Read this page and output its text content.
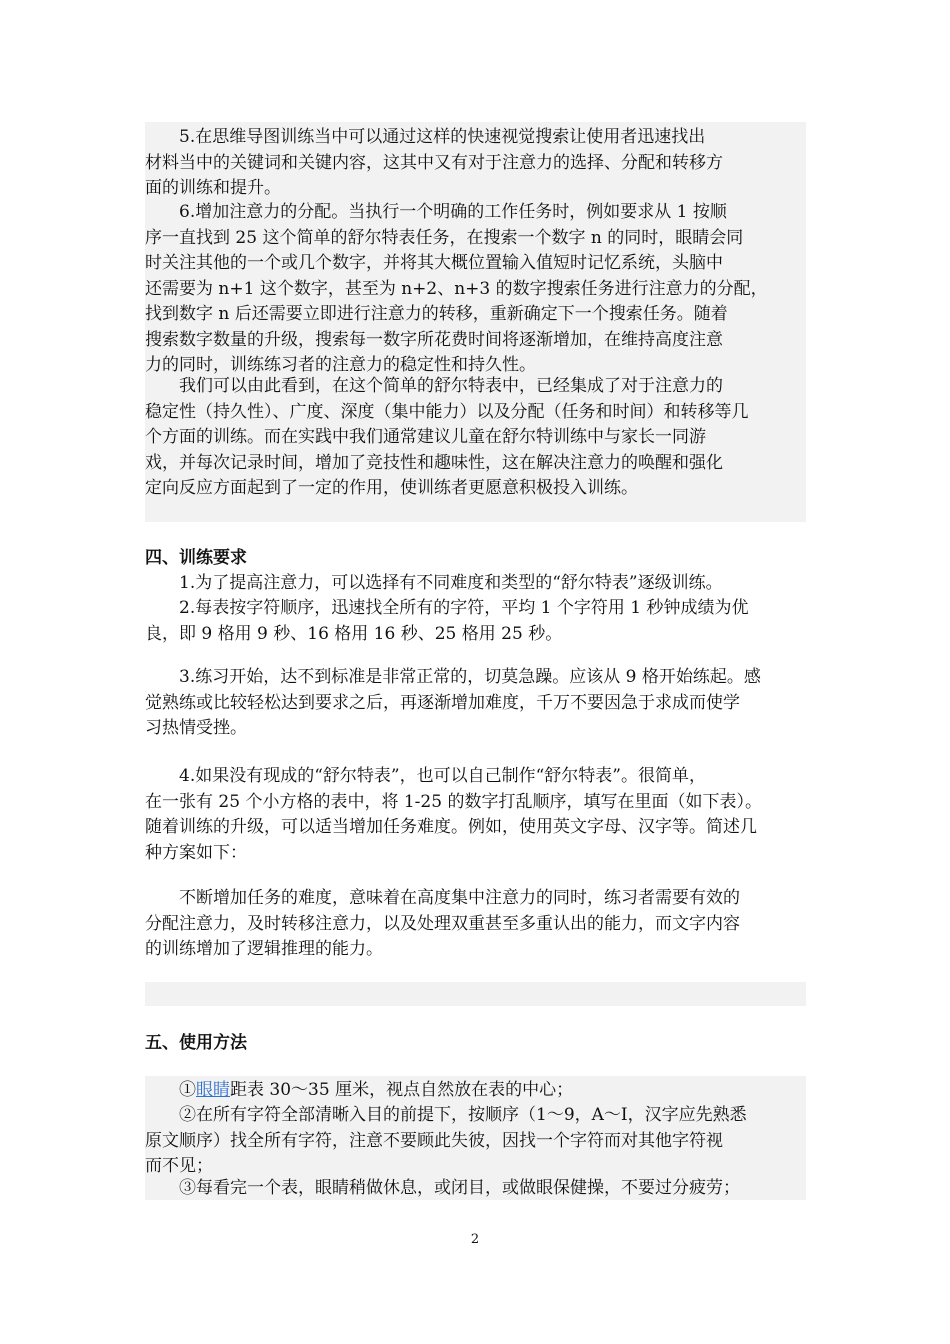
5.在思维导图训练当中可以通过这样的快速视觉搜索让使用者迅速找出
材料当中的关键词和关键内容，这其中又有对于注意力的选择、分配和转移方
面的训练和提升。
6.增加注意力的分配。当执行一个明确的工作任务时，例如要求从 1 按顺
序一直找到 25 这个简单的舒尔特表任务，在搜索一个数字 n 的同时，眼睛会同
时关注其他的一个或几个数字，并将其大概位置输入值短时记忆系统，头脑中
还需要为 n+1 这个数字，甚至为 n+2、n+3 的数字搜索任务进行注意力的分配，
找到数字 n 后还需要立即进行注意力的转移，重新确定下一个搜索任务。随着
搜索数字数量的升级，搜索每一数字所花费时间将逐渐增加，在维持高度注意
力的同时，训练练习者的注意力的稳定性和持久性。
我们可以由此看到，在这个简单的舒尔特表中，已经集成了对于注意力的
稳定性（持久性）、广度、深度（集中能力）以及分配（任务和时间）和转移等几
个方面的训练。而在实践中我们通常建议儿童在舒尔特训练中与家长一同游
戏，并每次记录时间，增加了竞技性和趣味性，这在解决注意力的唤醒和强化
定向反应方面起到了一定的作用，使训练者更愿意积极投入训练。
四、训练要求
1.为了提高注意力，可以选择有不同难度和类型的“舒尔特表”逐级训练。
2.每表按字符顺序，迅速找全所有的字符，平均 1 个字符用 1 秒钟成绩为优
良，即 9 格用 9 秒、16 格用 16 秒、25 格用 25 秒。
3.练习开始，达不到标准是非常正常的，切莫急躁。应该从 9 格开始练起。感
觉熟练或比较轻松达到要求之后，再逐渐增加难度，千万不要因急于求成而使学
习热情受挫。
4.如果没有现成的“舒尔特表”，也可以自己制作“舒尔特表”。很简单，
在一张有 25 个小方格的表中，将 1-25 的数字打乱顺序，填写在里面（如下表）。
随着训练的升级，可以适当增加任务难度。例如，使用英文字母、汉字等。简述几
种方案如下：
不断增加任务的难度，意味着在高度集中注意力的同时，练习者需要有效的
分配注意力，及时转移注意力，以及处理双重甚至多重认出的能力，而文字内容
的训练增加了逻辑推理的能力。
五、使用方法
①眼睛距表 30～35 厘米，视点自然放在表的中心；
②在所有字符全部清晰入目的前提下，按顺序（1～9，A～I，汉字应先熟悉
原文顺序）找全所有字符，注意不要顾此失彼，因找一个字符而对其他字符视
而不见；
③每看完一个表，眼睛稍做休息，或闭目，或做眼保健操，不要过分疲劳；
2
